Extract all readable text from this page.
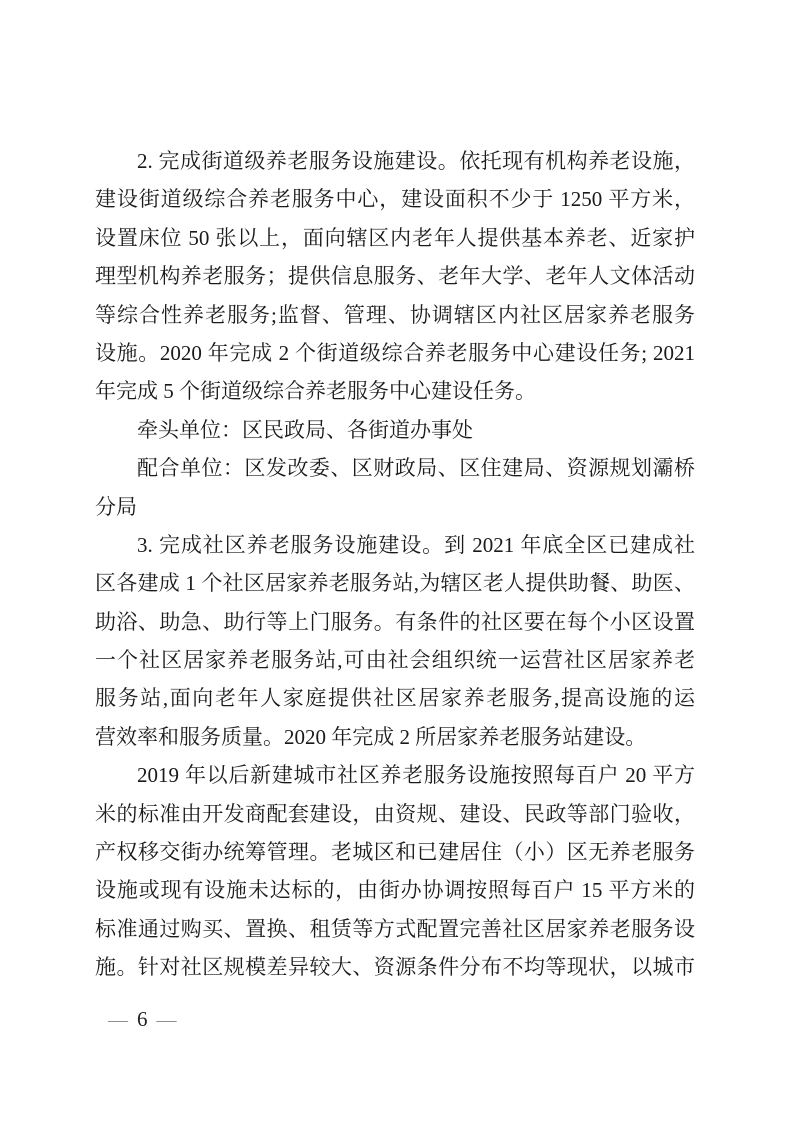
2. 完成街道级养老服务设施建设。依托现有机构养老设施，
建设街道级综合养老服务中心，建设面积不少于 1250 平方米，
设置床位 50 张以上，面向辖区内老年人提供基本养老、近家护
理型机构养老服务；提供信息服务、老年大学、老年人文体活动
等综合性养老服务;监督、管理、协调辖区内社区居家养老服务
设施。2020 年完成 2 个街道级综合养老服务中心建设任务; 2021
年完成 5 个街道级综合养老服务中心建设任务。
牵头单位：区民政局、各街道办事处
配合单位：区发改委、区财政局、区住建局、资源规划灞桥
分局
3. 完成社区养老服务设施建设。到 2021 年底全区已建成社
区各建成 1 个社区居家养老服务站,为辖区老人提供助餐、助医、
助浴、助急、助行等上门服务。有条件的社区要在每个小区设置
一个社区居家养老服务站,可由社会组织统一运营社区居家养老
服务站,面向老年人家庭提供社区居家养老服务,提高设施的运
营效率和服务质量。2020 年完成 2 所居家养老服务站建设。
2019 年以后新建城市社区养老服务设施按照每百户 20 平方
米的标准由开发商配套建设，由资规、建设、民政等部门验收，
产权移交街办统筹管理。老城区和已建居住（小）区无养老服务
设施或现有设施未达标的，由街办协调按照每百户 15 平方米的
标准通过购买、置换、租赁等方式配置完善社区居家养老服务设
施。针对社区规模差异较大、资源条件分布不均等现状，以城市
— 6 —
